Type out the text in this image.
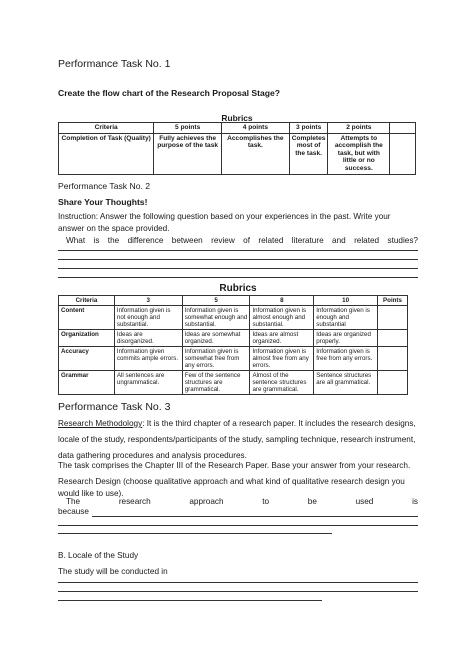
Performance Task No. 1
Create the flow chart of the Research Proposal Stage?
Rubrics
Criteria	5 points	4 points	3 points	2 points	
Completion of Task (Quality)	Fully achieves the purpose of the task	Accomplishes the task.	Completes most of the task.	Attempts to accomplish the task, but with little or no success.	
Performance Task No. 2
Share Your Thoughts!
Instruction: Answer the following question based on your experiences in the past. Write your answer on the space provided.
What is the difference between review of related literature and related studies?
Rubrics
Criteria	3	5	8	10	Points
Content	Information given is not enough and substantial.	Information given is somewhat enough and substantial.	Information given is almost enough and substantial.	Information given is enough and substantial	
Organization	Ideas are disorganized.	Ideas are somewhat organized.	Ideas are almost organized.	Ideas are organized properly.	
Accuracy	Information given commits ample errors.	Information given is somewhat free from any errors.	Information given is almost free from any errors.	Information given is free from any errors.	
Grammar	All sentences are ungrammatical.	Few of the sentence structures are grammatical.	Almost of the sentence structures are grammatical.	Sentence structures are all grammatical.	
Performance Task No. 3
Research Methodology: It is the third chapter of a research paper. It includes the research designs, locale of the study, respondents/participants of the study, sampling technique, research instrument, data gathering procedures and analysis procedures.
The task comprises the Chapter III of the Research Paper. Base your answer from your research.
Research Design (choose qualitative approach and what kind of qualitative research design you would like to use).
The	research	approach	to	be	used	is
because
B. Locale of the Study
The study will be conducted in
